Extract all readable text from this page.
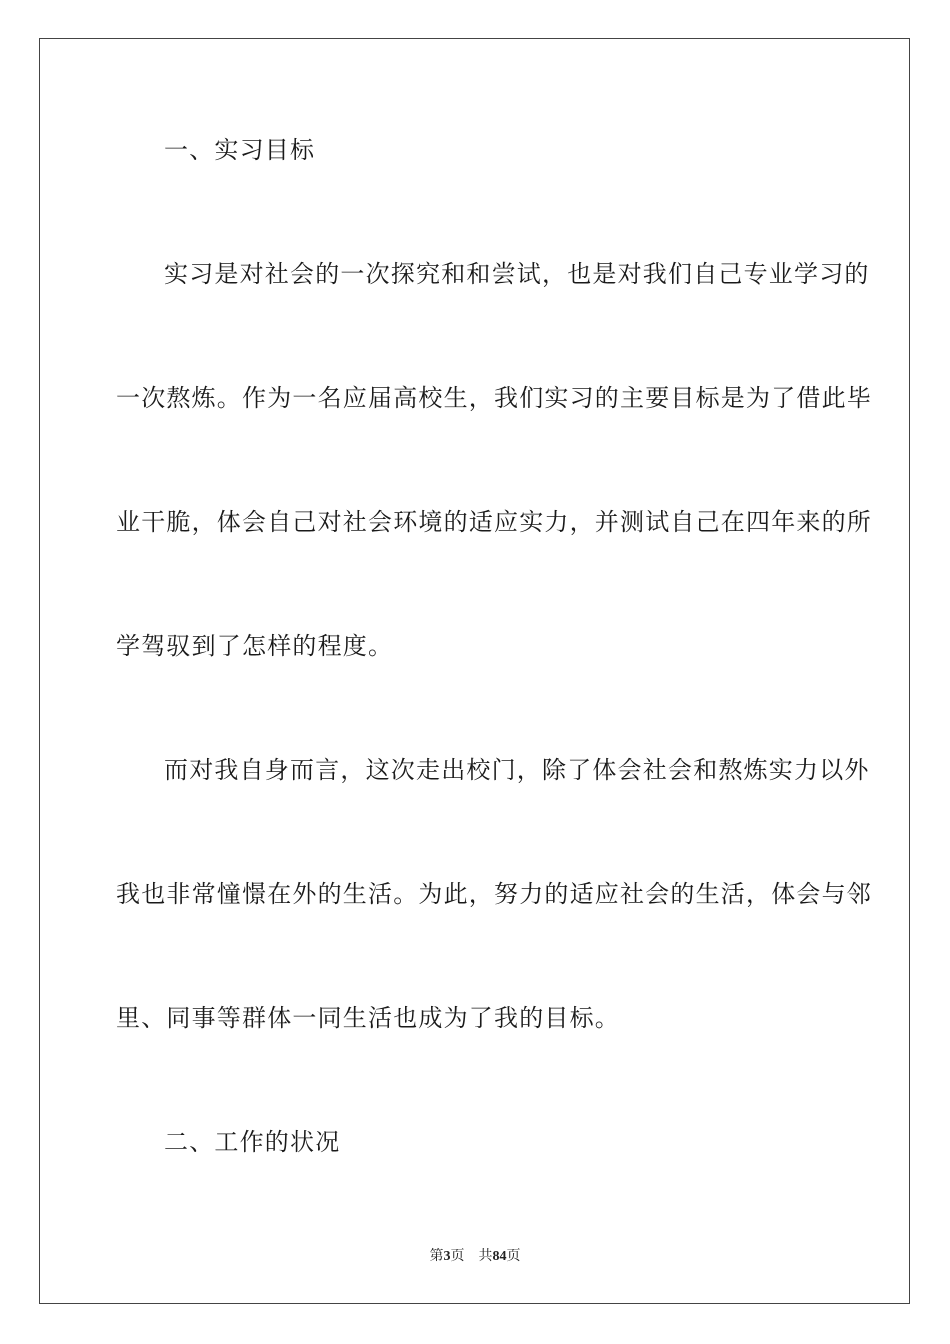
一、实习目标
实习是对社会的一次探究和和尝试，也是对我们自己专业学习的
一次熬炼。作为一名应届高校生，我们实习的主要目标是为了借此毕
业干脆，体会自己对社会环境的适应实力，并测试自己在四年来的所
学驾驭到了怎样的程度。
而对我自身而言，这次走出校门，除了体会社会和熬炼实力以外
我也非常憧憬在外的生活。为此，努力的适应社会的生活，体会与邻
里、同事等群体一同生活也成为了我的目标。
二、工作的状况
第3页 共84页
